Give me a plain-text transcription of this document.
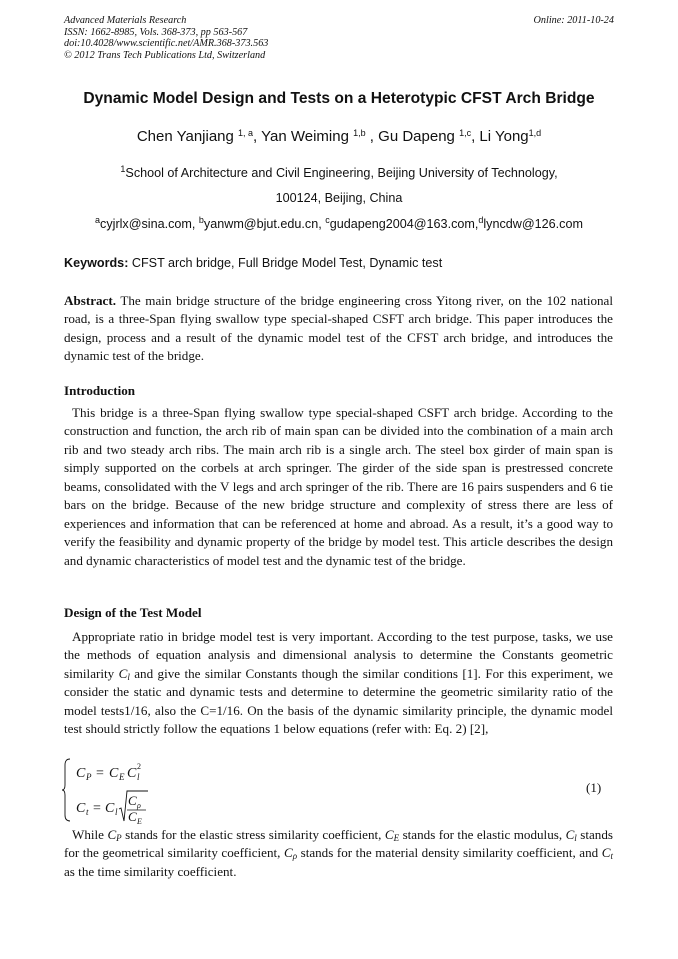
Advanced Materials Research
ISSN: 1662-8985, Vols. 368-373, pp 563-567
doi:10.4028/www.scientific.net/AMR.368-373.563
© 2012 Trans Tech Publications Ltd, Switzerland
Online: 2011-10-24
Dynamic Model Design and Tests on a Heterotypic CFST Arch Bridge
Chen Yanjiang $^{1, a}$, Yan Weiming $^{1,b}$ , Gu Dapeng $^{1,c}$, Li Yong$^{1,d}$
$^1$School of Architecture and Civil Engineering, Beijing University of Technology,
100124, Beijing, China
$^a$cyjrlx@sina.com, $^b$yanwm@bjut.edu.cn, $^c$gudapeng2004@163.com,$^d$lyncdw@126.com
Keywords: CFST arch bridge, Full Bridge Model Test, Dynamic test
Abstract. The main bridge structure of the bridge engineering cross Yitong river, on the 102 national road, is a three-Span flying swallow type special-shaped CSFT arch bridge. This paper introduces the design, process and a result of the dynamic model test of the CFST arch bridge, and introduces the dynamic test of the bridge.
Introduction
This bridge is a three-Span flying swallow type special-shaped CSFT arch bridge. According to the construction and function, the arch rib of main span can be divided into the combination of a main arch rib and two steady arch ribs. The main arch rib is a single arch. The steel box girder of main span is simply supported on the corbels at arch springer. The girder of the side span is prestressed concrete beams, consolidated with the V legs and arch springer of the rib. There are 16 pairs suspenders and 6 tie bars on the bridge. Because of the new bridge structure and complexity of stress there are less of experiences and information that can be referenced at home and abroad. As a result, it’s a good way to verify the feasibility and dynamic property of the bridge by model test. This article describes the design and dynamic characteristics of model test and the dynamic test of the bridge.
Design of the Test Model
Appropriate ratio in bridge model test is very important. According to the test purpose, tasks, we use the methods of equation analysis and dimensional analysis to determine the Constants geometric similarity $C_l$ and give the similar Constants though the similar conditions [1]. For this experiment, we consider the static and dynamic tests and determine to determine the geometric similarity ratio of the model tests1/16, also the C=1/16. On the basis of the dynamic similarity principle, the dynamic model test should strictly follow the equations 1 below equations (refer with: Eq. 2) [2],
C P = C E C l
2
C t = C l
C ρ
C E
(1)
While $C_P$ stands for the elastic stress similarity coefficient, $C_E$ stands for the elastic modulus, $C_l$ stands for the geometrical similarity coefficient, $C_\rho$ stands for the material density similarity coefficient, and $C_t$ as the time similarity coefficient.
